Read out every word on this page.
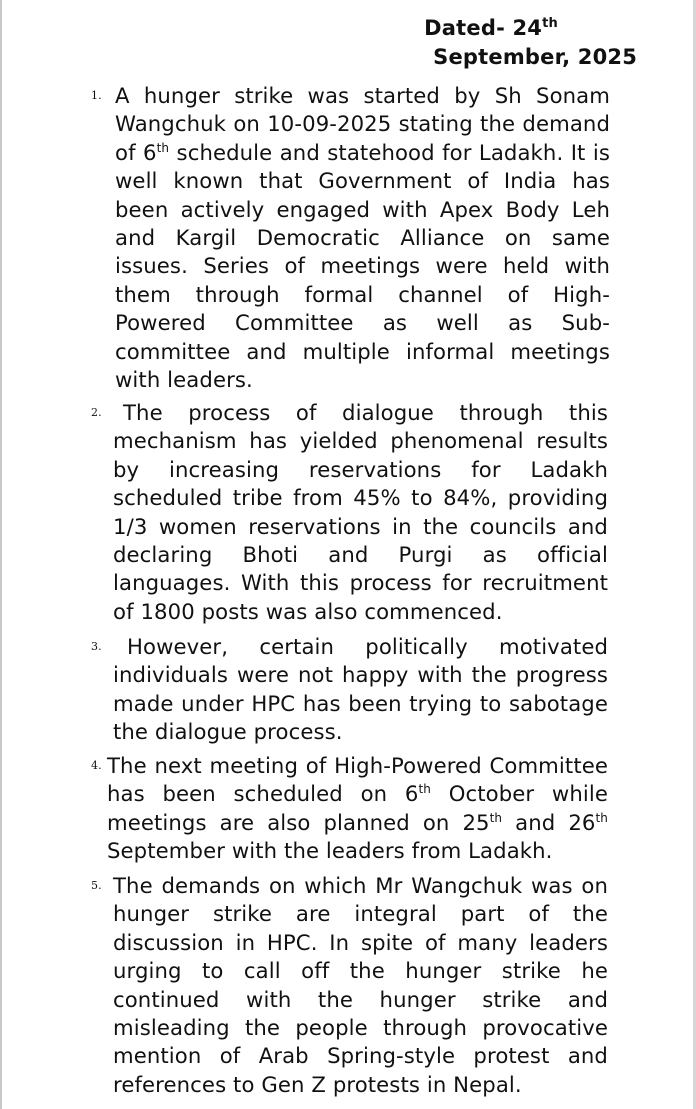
Dated- 24th
September, 2025
1. A hunger strike was started by Sh Sonam Wangchuk on 10-09-2025 stating the demand of 6th schedule and statehood for Ladakh. It is well known that Government of India has been actively engaged with Apex Body Leh and Kargil Democratic Alliance on same issues. Series of meetings were held with them through formal channel of High-Powered Committee as well as Sub-committee and multiple informal meetings with leaders.
2. The process of dialogue through this mechanism has yielded phenomenal results by increasing reservations for Ladakh scheduled tribe from 45% to 84%, providing 1/3 women reservations in the councils and declaring Bhoti and Purgi as official languages. With this process for recruitment of 1800 posts was also commenced.
3. However, certain politically motivated individuals were not happy with the progress made under HPC has been trying to sabotage the dialogue process.
4. The next meeting of High-Powered Committee has been scheduled on 6th October while meetings are also planned on 25th and 26th September with the leaders from Ladakh.
5. The demands on which Mr Wangchuk was on hunger strike are integral part of the discussion in HPC. In spite of many leaders urging to call off the hunger strike he continued with the hunger strike and misleading the people through provocative mention of Arab Spring-style protest and references to Gen Z protests in Nepal.
